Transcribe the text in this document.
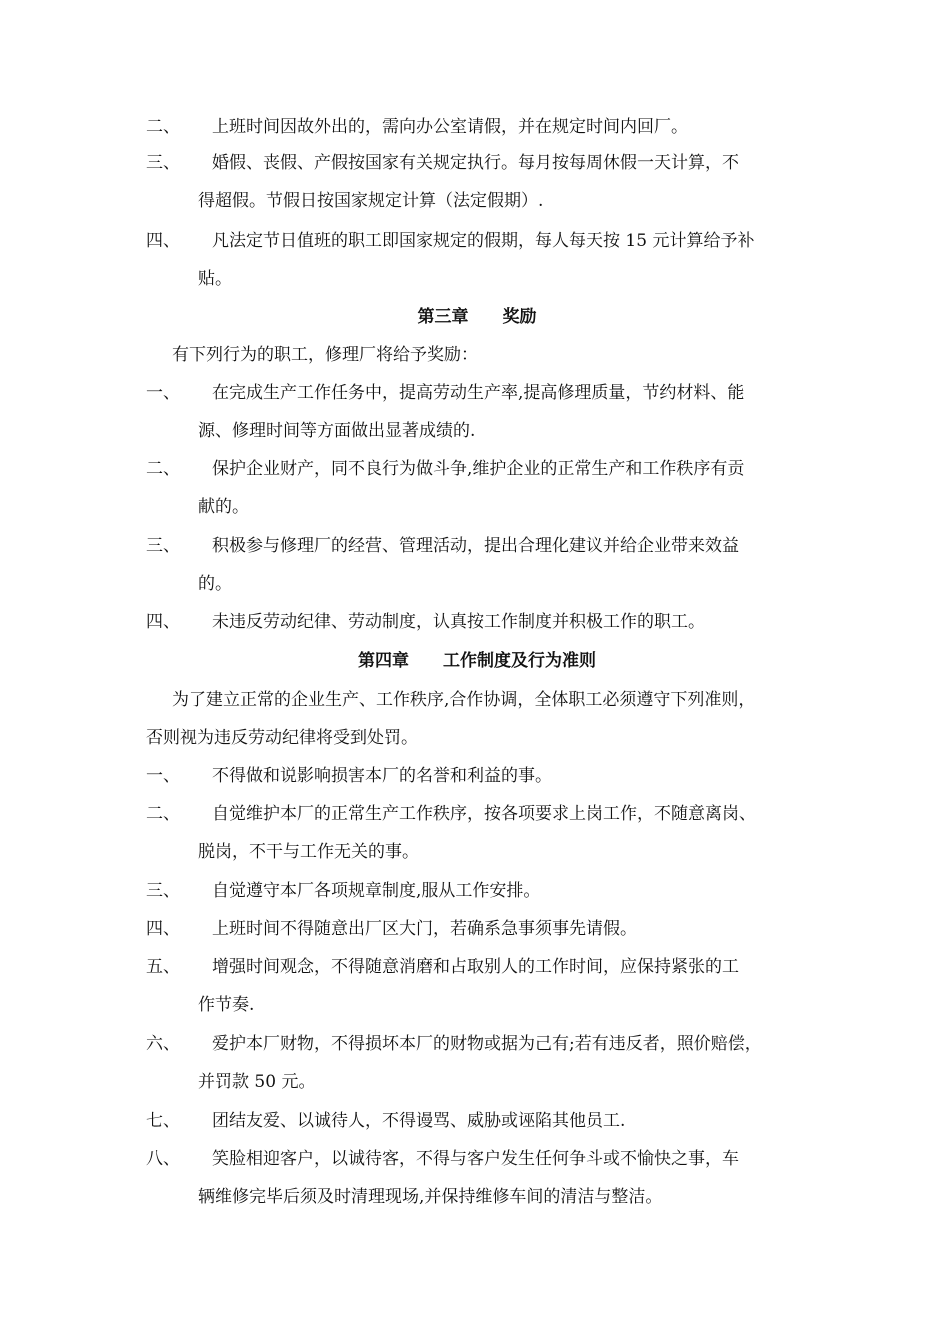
二、	上班时间因故外出的，需向办公室请假，并在规定时间内回厂。
三、	婚假、丧假、产假按国家有关规定执行。每月按每周休假一天计算，不
得超假。节假日按国家规定计算（法定假期）.
四、	凡法定节日值班的职工即国家规定的假期，每人每天按 15 元计算给予补
贴。
第三章 奖励
有下列行为的职工，修理厂将给予奖励：
一、	在完成生产工作任务中，提高劳动生产率,提高修理质量，节约材料、能
源、修理时间等方面做出显著成绩的.
二、	保护企业财产，同不良行为做斗争,维护企业的正常生产和工作秩序有贡
献的。
三、	积极参与修理厂的经营、管理活动，提出合理化建议并给企业带来效益
的。
四、	未违反劳动纪律、劳动制度，认真按工作制度并积极工作的职工。
第四章 工作制度及行为准则
为了建立正常的企业生产、工作秩序,合作协调，全体职工必须遵守下列准则，
否则视为违反劳动纪律将受到处罚。
一、	不得做和说影响损害本厂的名誉和利益的事。
二、	自觉维护本厂的正常生产工作秩序，按各项要求上岗工作，不随意离岗、
脱岗，不干与工作无关的事。
三、	自觉遵守本厂各项规章制度,服从工作安排。
四、	上班时间不得随意出厂区大门，若确系急事须事先请假。
五、	增强时间观念，不得随意消磨和占取别人的工作时间，应保持紧张的工
作节奏.
六、	爱护本厂财物，不得损坏本厂的财物或据为己有;若有违反者，照价赔偿，
并罚款 50 元。
七、	团结友爱、以诚待人，不得谩骂、威胁或诬陷其他员工.
八、	笑脸相迎客户，以诚待客，不得与客户发生任何争斗或不愉快之事，车
辆维修完毕后须及时清理现场,并保持维修车间的清洁与整洁。
